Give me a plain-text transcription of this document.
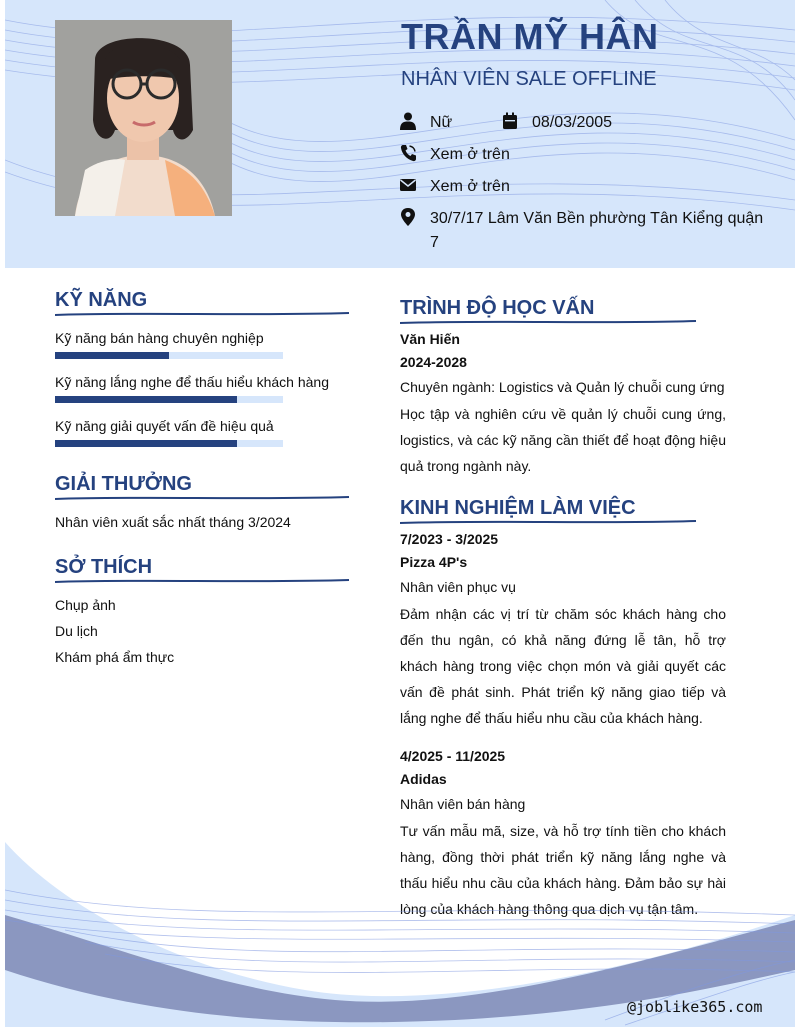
TRẦN MỸ HÂN
NHÂN VIÊN SALE OFFLINE
Nữ	08/03/2005
Xem ở trên
Xem ở trên
30/7/17 Lâm Văn Bền phường Tân Kiểng quận 7
KỸ NĂNG
Kỹ năng bán hàng chuyên nghiệp
Kỹ năng lắng nghe để thấu hiểu khách hàng
Kỹ năng giải quyết vấn đề hiệu quả
GIẢI THƯỞNG
Nhân viên xuất sắc nhất tháng 3/2024
SỞ THÍCH
Chụp ảnh
Du lịch
Khám phá ẩm thực
TRÌNH ĐỘ HỌC VẤN
Văn Hiến
2024-2028
Chuyên ngành: Logistics và Quản lý chuỗi cung ứng
Học tập và nghiên cứu về quản lý chuỗi cung ứng, logistics, và các kỹ năng cần thiết để hoạt động hiệu quả trong ngành này.
KINH NGHIỆM LÀM VIỆC
7/2023 - 3/2025
Pizza 4P's
Nhân viên phục vụ
Đảm nhận các vị trí từ chăm sóc khách hàng cho đến thu ngân, có khả năng đứng lễ tân, hỗ trợ khách hàng trong việc chọn món và giải quyết các vấn đề phát sinh. Phát triển kỹ năng giao tiếp và lắng nghe để thấu hiểu nhu cầu của khách hàng.
4/2025 - 11/2025
Adidas
Nhân viên bán hàng
Tư vấn mẫu mã, size, và hỗ trợ tính tiền cho khách hàng, đồng thời phát triển kỹ năng lắng nghe và thấu hiểu nhu cầu của khách hàng. Đảm bảo sự hài lòng của khách hàng thông qua dịch vụ tận tâm.
@joblike365.com
